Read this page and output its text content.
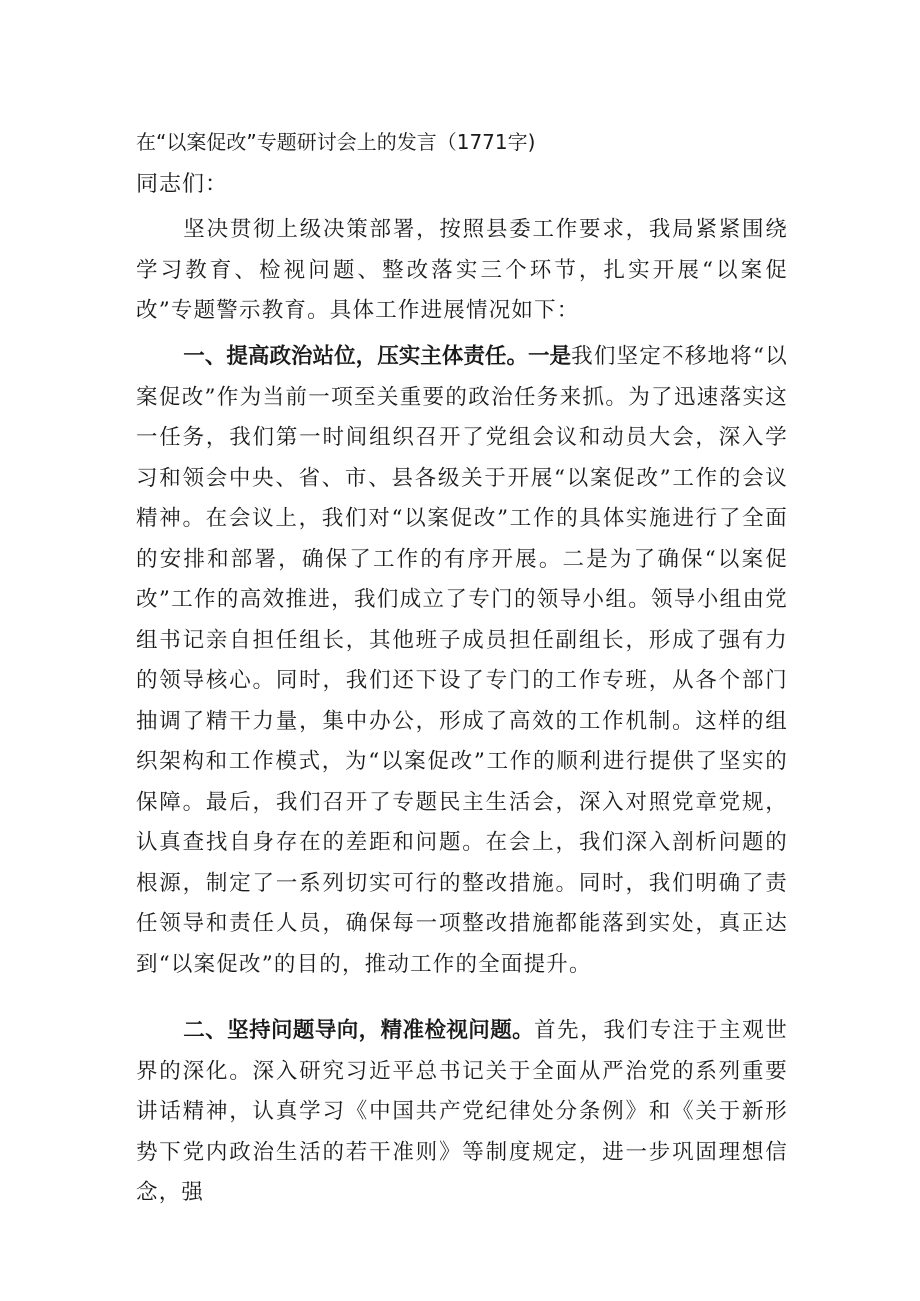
在“以案促改”专题研讨会上的发言（1771字)
同志们：

坚决贯彻上级决策部署，按照县委工作要求，我局紧紧围绕学习教育、检视问题、整改落实三个环节，扎实开展“以案促改”专题警示教育。具体工作进展情况如下：

一、提高政治站位，压实主体责任。一是我们坚定不移地将“以案促改”作为当前一项至关重要的政治任务来抓。为了迅速落实这一任务，我们第一时间组织召开了党组会议和动员大会，深入学习和领会中央、省、市、县各级关于开展“以案促改”工作的会议精神。在会议上，我们对“以案促改”工作的具体实施进行了全面的安排和部署，确保了工作的有序开展。二是为了确保“以案促改”工作的高效推进，我们成立了专门的领导小组。领导小组由党组书记亲自担任组长，其他班子成员担任副组长，形成了强有力的领导核心。同时，我们还下设了专门的工作专班，从各个部门抽调了精干力量，集中办公，形成了高效的工作机制。这样的组织架构和工作模式，为“以案促改”工作的顺利进行提供了坚实的保障。最后，我们召开了专题民主生活会，深入对照党章党规，认真查找自身存在的差距和问题。在会上，我们深入剖析问题的根源，制定了一系列切实可行的整改措施。同时，我们明确了责任领导和责任人员，确保每一项整改措施都能落到实处，真正达到“以案促改”的目的，推动工作的全面提升。

二、坚持问题导向，精准检视问题。首先，我们专注于主观世界的深化。深入研究习近平总书记关于全面从严治党的系列重要讲话精神，认真学习《中国共产党纪律处分条例》和《关于新形势下党内政治生活的若干准则》等制度规定，进一步巩固理想信念，强
